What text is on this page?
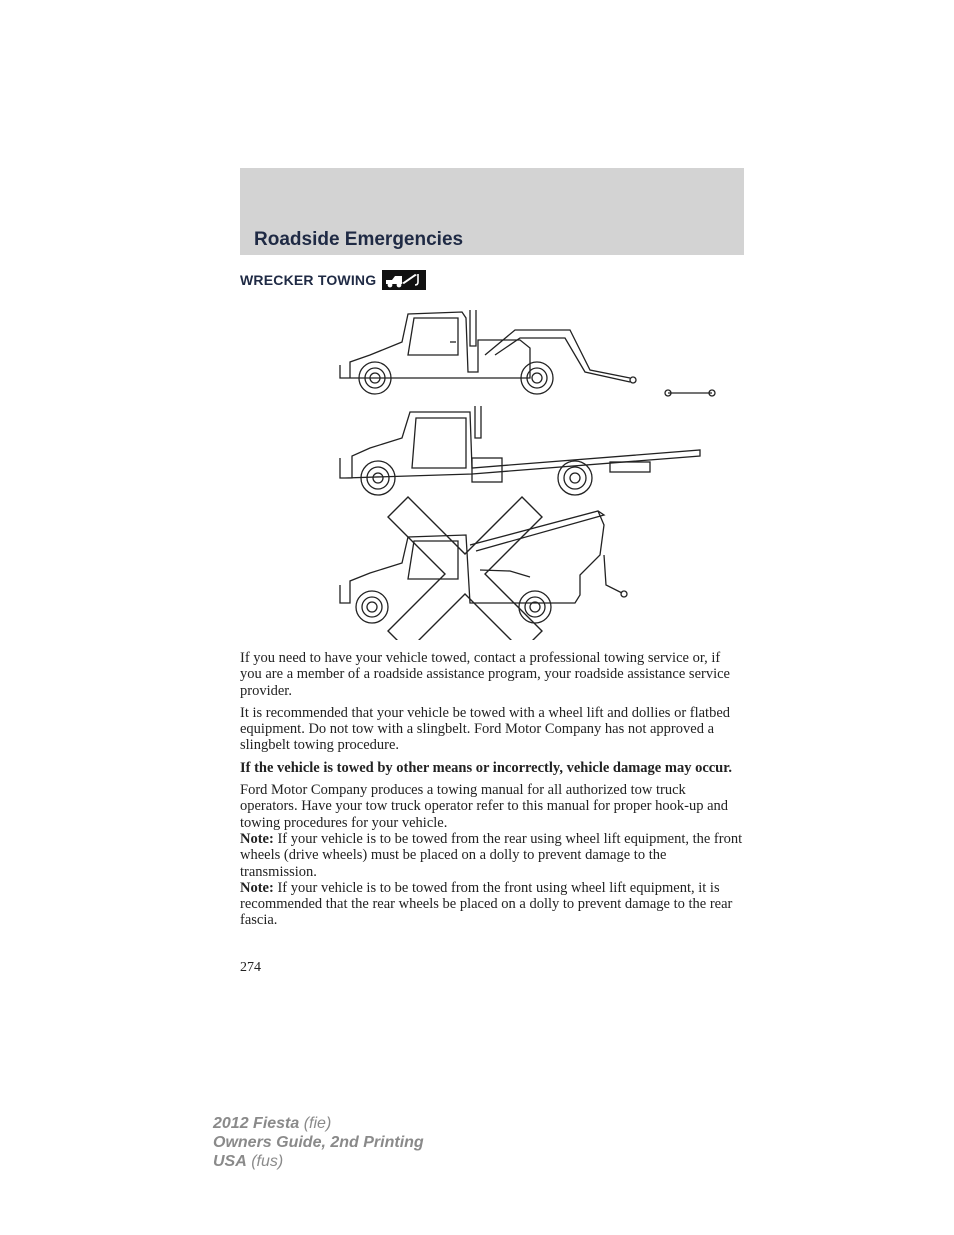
Roadside Emergencies
WRECKER TOWING

If you need to have your vehicle towed, contact a professional towing service or, if you are a member of a roadside assistance program, your roadside assistance service provider.

It is recommended that your vehicle be towed with a wheel lift and dollies or flatbed equipment. Do not tow with a slingbelt. Ford Motor Company has not approved a slingbelt towing procedure.

If the vehicle is towed by other means or incorrectly, vehicle damage may occur.

Ford Motor Company produces a towing manual for all authorized tow truck operators. Have your tow truck operator refer to this manual for proper hook-up and towing procedures for your vehicle.

Note: If your vehicle is to be towed from the rear using wheel lift equipment, the front wheels (drive wheels) must be placed on a dolly to prevent damage to the transmission.

Note: If your vehicle is to be towed from the front using wheel lift equipment, it is recommended that the rear wheels be placed on a dolly to prevent damage to the rear fascia.

274
2012 Fiesta (fie)
Owners Guide, 2nd Printing
USA (fus)
